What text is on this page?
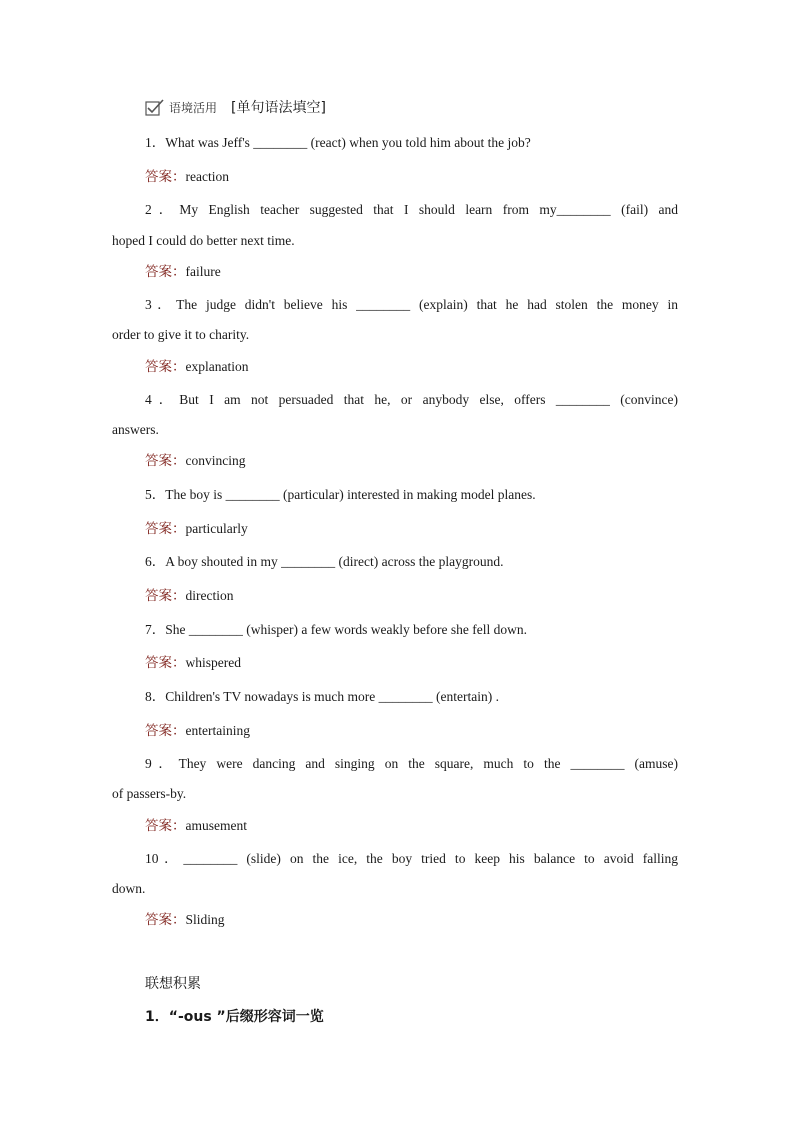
语境活用 [单句语法填空]
1．What was Jeff's ________ (react) when you told him about the job?
答案：reaction
2．My English teacher suggested that I should learn from my________ (fail) and
hoped I could do better next time.
答案：failure
3．The judge didn't believe his ________ (explain) that he had stolen the money in
order to give it to charity.
答案：explanation
4．But I am not persuaded that he, or anybody else, offers ________ (convince)
answers.
答案：convincing
5．The boy is ________ (particular) interested in making model planes.
答案：particularly
6．A boy shouted in my ________ (direct) across the playground.
答案：direction
7．She ________ (whisper) a few words weakly before she fell down.
答案：whispered
8．Children's TV nowadays is much more ________ (entertain) .
答案：entertaining
9．They were dancing and singing on the square, much to the ________ (amuse)
of passers-by.
答案：amusement
10．________ (slide) on the ice, the boy tried to keep his balance to avoid falling
down.
答案：Sliding
联想积累
1．“-ous ”后缀形容词一览
